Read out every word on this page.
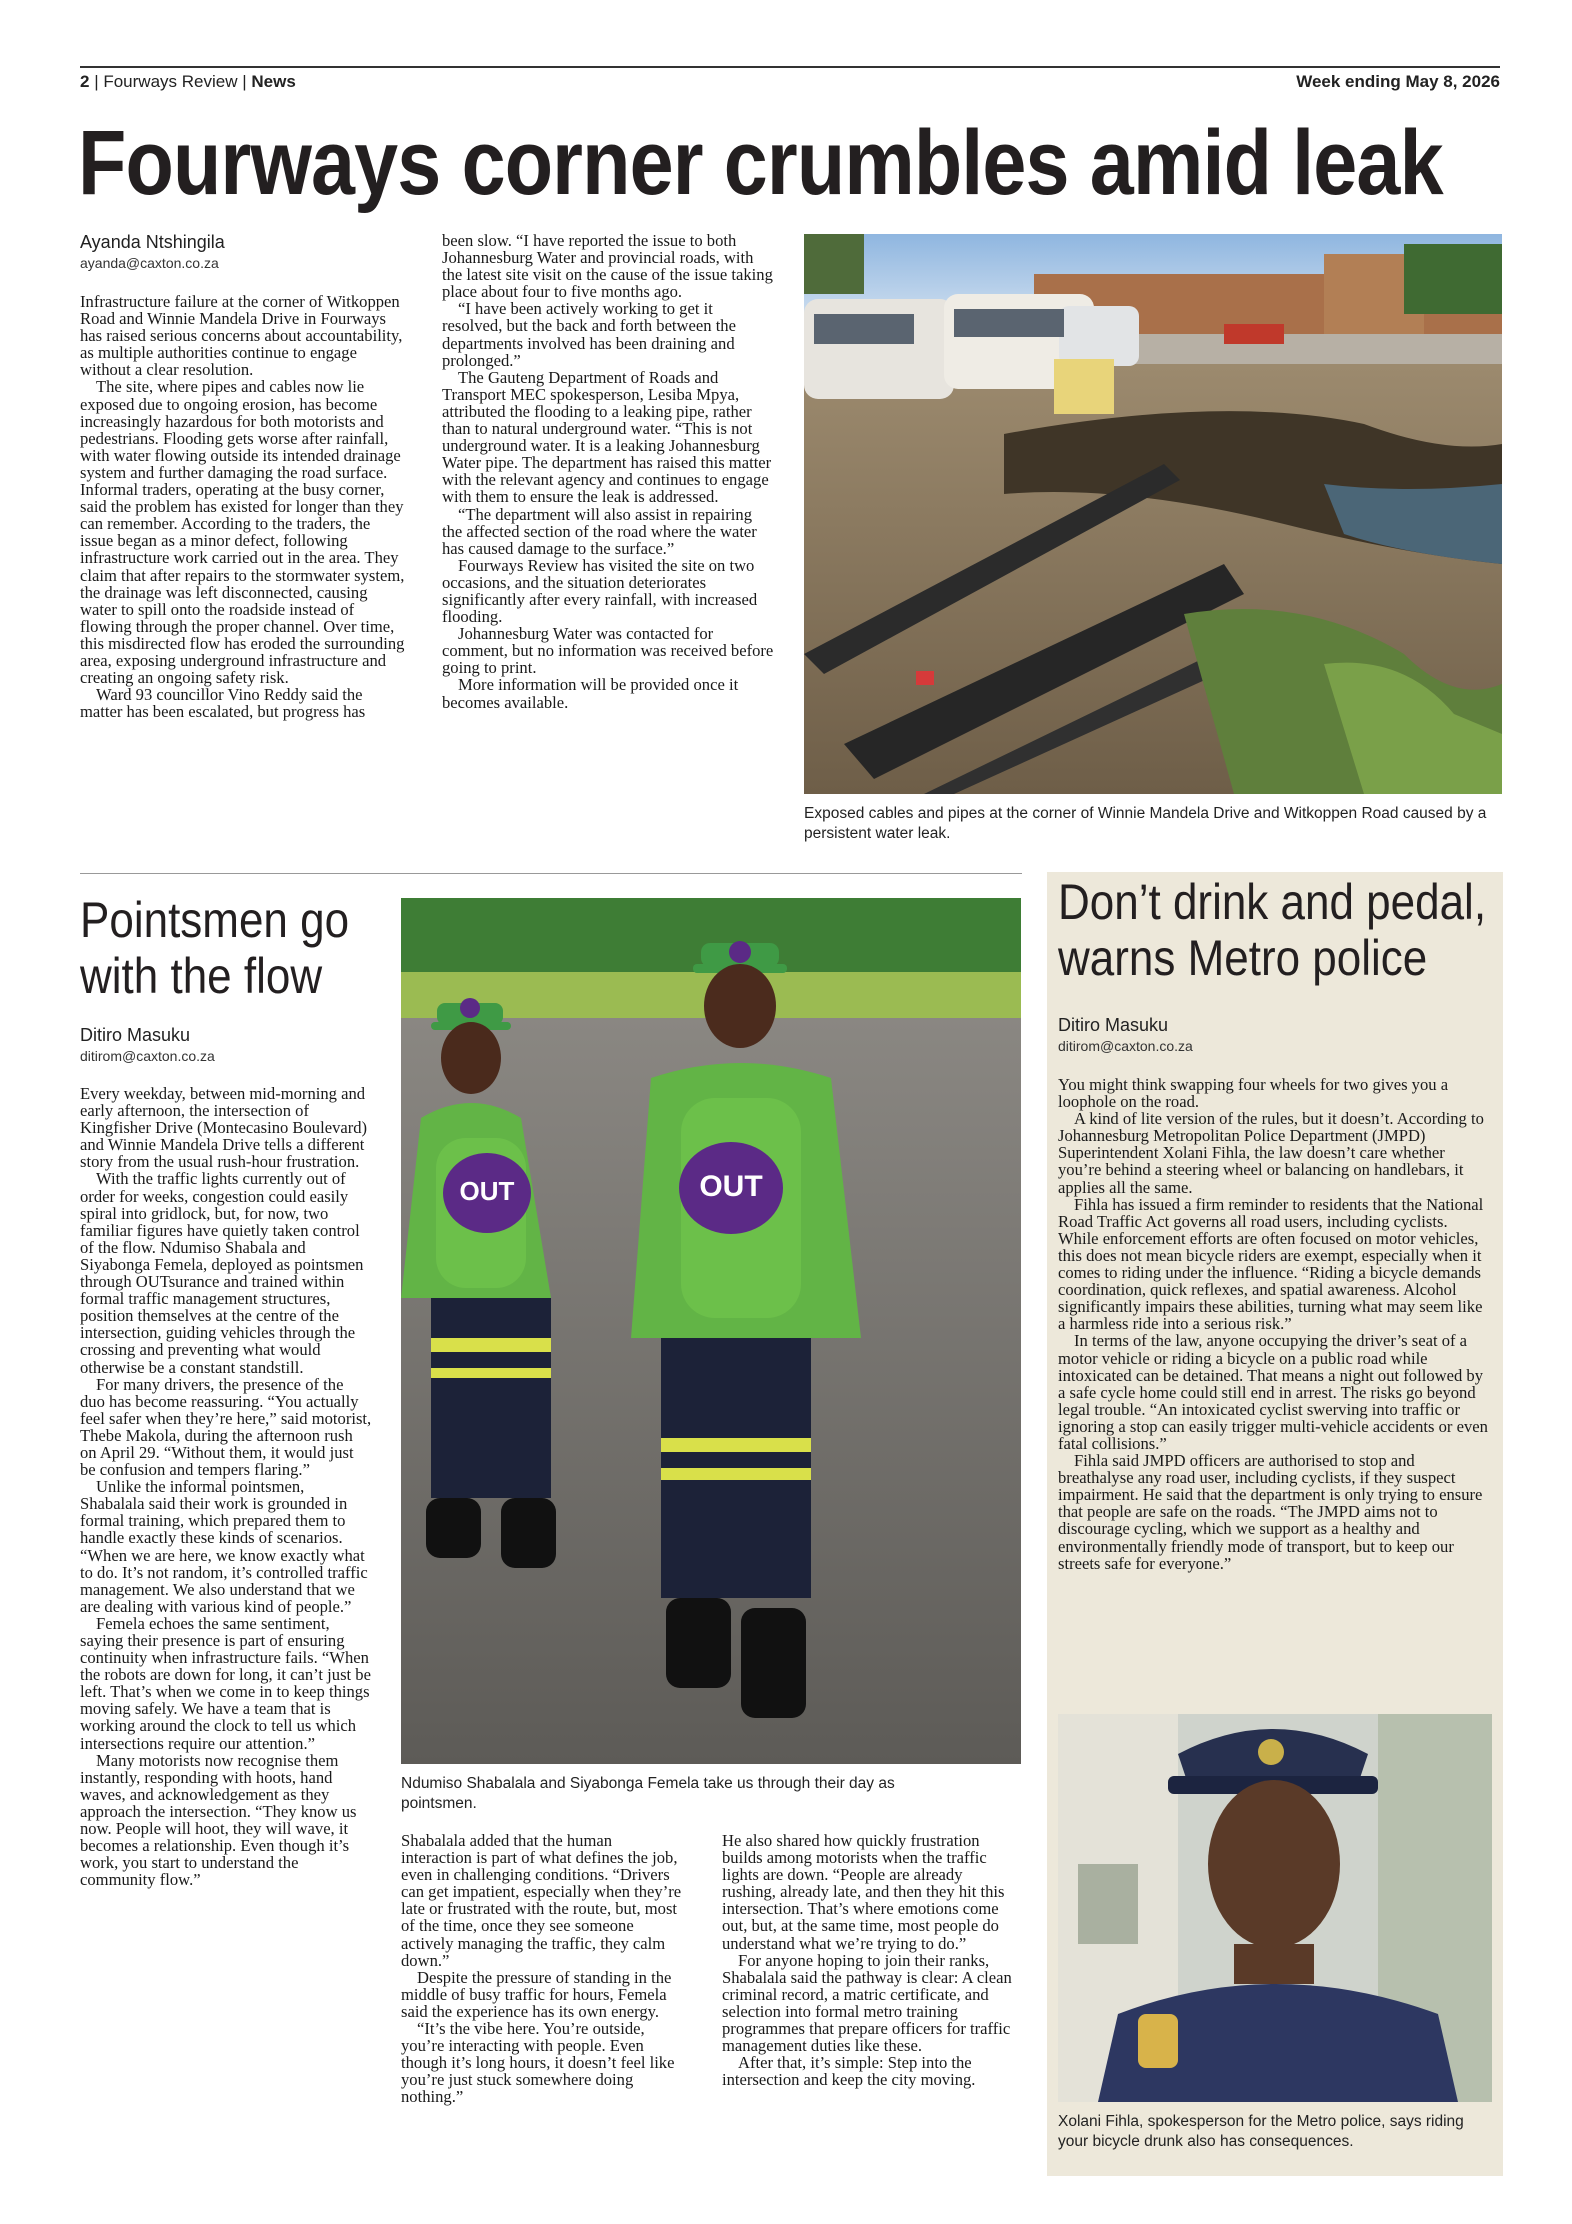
2 | Fourways Review | News	Week ending May 8, 2026
Fourways corner crumbles amid leak
Ayanda Ntshingila
ayanda@caxton.co.za

Infrastructure failure at the corner of Witkoppen Road and Winnie Mandela Drive in Fourways has raised serious concerns about accountability, as multiple authorities continue to engage without a clear resolution.

The site, where pipes and cables now lie exposed due to ongoing erosion, has become increasingly hazardous for both motorists and pedestrians. Flooding gets worse after rainfall, with water flowing outside its intended drainage system and further damaging the road surface. Informal traders, operating at the busy corner, said the problem has existed for longer than they can remember. According to the traders, the issue began as a minor defect, following infrastructure work carried out in the area. They claim that after repairs to the stormwater system, the drainage was left disconnected, causing water to spill onto the roadside instead of flowing through the proper channel. Over time, this misdirected flow has eroded the surrounding area, exposing underground infrastructure and creating an ongoing safety risk.

Ward 93 councillor Vino Reddy said the matter has been escalated, but progress has

been slow. “I have reported the issue to both Johannesburg Water and provincial roads, with the latest site visit on the cause of the issue taking place about four to five months ago.

“I have been actively working to get it resolved, but the back and forth between the departments involved has been draining and prolonged.”

The Gauteng Department of Roads and Transport MEC spokesperson, Lesiba Mpya, attributed the flooding to a leaking pipe, rather than to natural underground water. “This is not underground water. It is a leaking Johannesburg Water pipe. The department has raised this matter with the relevant agency and continues to engage with them to ensure the leak is addressed.

“The department will also assist in repairing the affected section of the road where the water has caused damage to the surface.”

Fourways Review has visited the site on two occasions, and the situation deteriorates significantly after every rainfall, with increased flooding.

Johannesburg Water was contacted for comment, but no information was received before going to print.

More information will be provided once it becomes available.

Exposed cables and pipes at the corner of Winnie Mandela Drive and Witkoppen Road caused by a persistent water leak.
Pointsmen go with the flow
Ditiro Masuku
ditirom@caxton.co.za

Every weekday, between mid-morning and early afternoon, the intersection of Kingfisher Drive (Montecasino Boulevard) and Winnie Mandela Drive tells a different story from the usual rush-hour frustration.

With the traffic lights currently out of order for weeks, congestion could easily spiral into gridlock, but, for now, two familiar figures have quietly taken control of the flow. Ndumiso Shabala and Siyabonga Femela, deployed as pointsmen through OUTsurance and trained within formal traffic management structures, position themselves at the centre of the intersection, guiding vehicles through the crossing and preventing what would otherwise be a constant standstill.

For many drivers, the presence of the duo has become reassuring. “You actually feel safer when they’re here,” said motorist, Thebe Makola, during the afternoon rush on April 29. “Without them, it would just be confusion and tempers flaring.”

Unlike the informal pointsmen, Shabalala said their work is grounded in formal training, which prepared them to handle exactly these kinds of scenarios. “When we are here, we know exactly what to do. It’s not random, it’s controlled traffic management. We also understand that we are dealing with various kind of people.”

Femela echoes the same sentiment, saying their presence is part of ensuring continuity when infrastructure fails. “When the robots are down for long, it can’t just be left. That’s when we come in to keep things moving safely. We have a team that is working around the clock to tell us which intersections require our attention.”

Many motorists now recognise them instantly, responding with hoots, hand waves, and acknowledgement as they approach the intersection. “They know us now. People will hoot, they will wave, it becomes a relationship. Even though it’s work, you start to understand the community flow.”

OUT	OUT
Ndumiso Shabalala and Siyabonga Femela take us through their day as pointsmen.

Shabalala added that the human interaction is part of what defines the job, even in challenging conditions. “Drivers can get impatient, especially when they’re late or frustrated with the route, but, most of the time, once they see someone actively managing the traffic, they calm down.”

Despite the pressure of standing in the middle of busy traffic for hours, Femela said the experience has its own energy.

“It’s the vibe here. You’re outside, you’re interacting with people. Even though it’s long hours, it doesn’t feel like you’re just stuck somewhere doing nothing.”

He also shared how quickly frustration builds among motorists when the traffic lights are down. “People are already rushing, already late, and then they hit this intersection. That’s where emotions come out, but, at the same time, most people do understand what we’re trying to do.”

For anyone hoping to join their ranks, Shabalala said the pathway is clear: A clean criminal record, a matric certificate, and selection into formal metro training programmes that prepare officers for traffic management duties like these.

After that, it’s simple: Step into the intersection and keep the city moving.

Don’t drink and pedal, warns Metro police
Ditiro Masuku
ditirom@caxton.co.za

You might think swapping four wheels for two gives you a loophole on the road.

A kind of lite version of the rules, but it doesn’t. According to Johannesburg Metropolitan Police Department (JMPD) Superintendent Xolani Fihla, the law doesn’t care whether you’re behind a steering wheel or balancing on handlebars, it applies all the same.

Fihla has issued a firm reminder to residents that the National Road Traffic Act governs all road users, including cyclists. While enforcement efforts are often focused on motor vehicles, this does not mean bicycle riders are exempt, especially when it comes to riding under the influence. “Riding a bicycle demands coordination, quick reflexes, and spatial awareness. Alcohol significantly impairs these abilities, turning what may seem like a harmless ride into a serious risk.”

In terms of the law, anyone occupying the driver’s seat of a motor vehicle or riding a bicycle on a public road while intoxicated can be detained. That means a night out followed by a safe cycle home could still end in arrest. The risks go beyond legal trouble. “An intoxicated cyclist swerving into traffic or ignoring a stop can easily trigger multi-vehicle accidents or even fatal collisions.”

Fihla said JMPD officers are authorised to stop and breathalyse any road user, including cyclists, if they suspect impairment. He said that the department is only trying to ensure that people are safe on the roads. “The JMPD aims not to discourage cycling, which we support as a healthy and environmentally friendly mode of transport, but to keep our streets safe for everyone.”

Xolani Fihla, spokesperson for the Metro police, says riding your bicycle drunk also has consequences.
